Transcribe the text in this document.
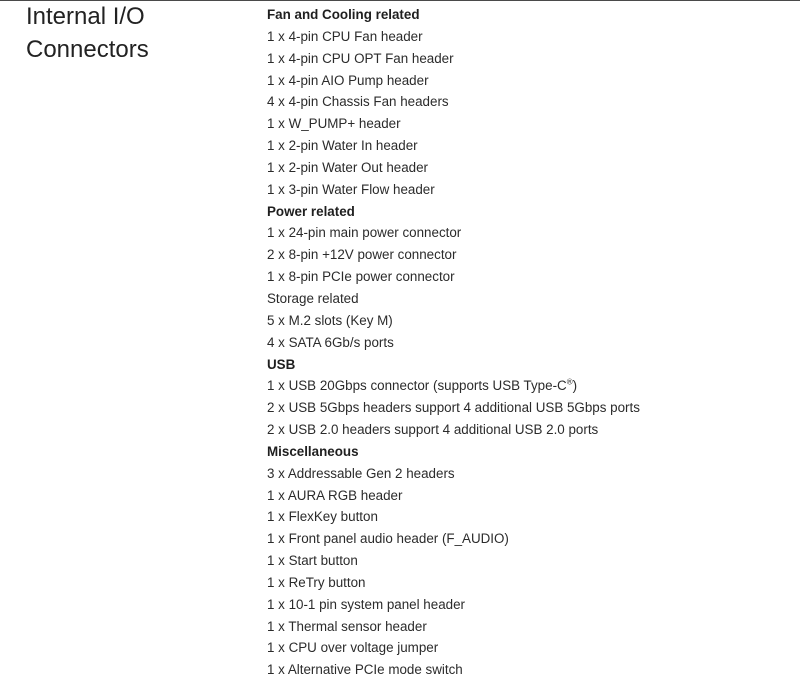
Internal I/O
Connectors
Fan and Cooling related
1 x 4-pin CPU Fan header
1 x 4-pin CPU OPT Fan header
1 x 4-pin AIO Pump header
4 x 4-pin Chassis Fan headers
1 x W_PUMP+ header
1 x 2-pin Water In header
1 x 2-pin Water Out header
1 x 3-pin Water Flow header
Power related
1 x 24-pin main power connector
2 x 8-pin +12V power connector
1 x 8-pin PCIe power connector
Storage related
5 x M.2 slots (Key M)
4 x SATA 6Gb/s ports
USB
1 x USB 20Gbps connector (supports USB Type-C®)
2 x USB 5Gbps headers support 4 additional USB 5Gbps ports
2 x USB 2.0 headers support 4 additional USB 2.0 ports
Miscellaneous
3 x Addressable Gen 2 headers
1 x AURA RGB header
1 x FlexKey button
1 x Front panel audio header (F_AUDIO)
1 x Start button
1 x ReTry button
1 x 10-1 pin system panel header
1 x Thermal sensor header
1 x CPU over voltage jumper
1 x Alternative PCIe mode switch
